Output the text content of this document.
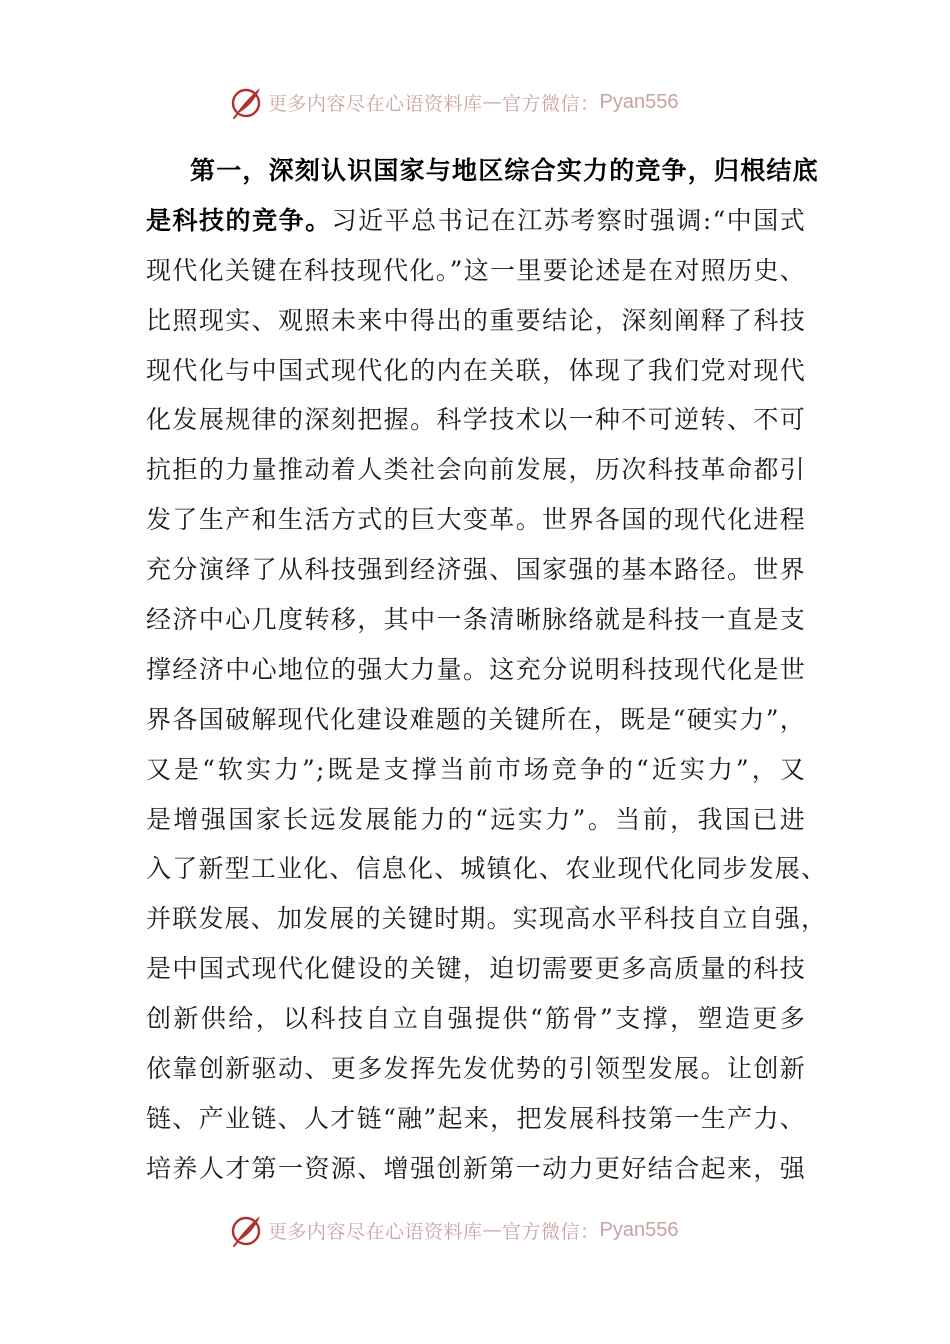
更多内容尽在心语资料库 — 官方微信： Pyan556
第一，深刻认识国家与地区综合实力的竞争，归根结底
是科技的竞争。习近平总书记在江苏考察时强调:“中国式
现代化关键在科技现代化。”这一里要论述是在对照历史、
比照现实、观照未来中得出的重要结论，深刻阐释了科技
现代化与中国式现代化的内在关联，体现了我们党对现代
化发展规律的深刻把握。科学技术以一种不可逆转、不可
抗拒的力量推动着人类社会向前发展，历次科技革命都引
发了生产和生活方式的巨大变革。世界各国的现代化进程
充分演绎了从科技强到经济强、国家强的基本路径。世界
经济中心几度转移，其中一条清晰脉络就是科技一直是支
撑经济中心地位的强大力量。这充分说明科技现代化是世
界各国破解现代化建设难题的关键所在，既是“硬实力”，
又是“软实力”;既是支撑当前市场竞争的“近实力”，又
是增强国家长远发展能力的“远实力”。当前，我国已进
入了新型工业化、信息化、城镇化、农业现代化同步发展、
并联发展、加发展的关键时期。实现高水平科技自立自强，
是中国式现代化健设的关键，迫切需要更多高质量的科技
创新供给，以科技自立自强提供“筋骨”支撑，塑造更多
依靠创新驱动、更多发挥先发优势的引领型发展。让创新
链、产业链、人才链“融”起来，把发展科技第一生产力、
培养人才第一资源、增强创新第一动力更好结合起来，强
更多内容尽在心语资料库 — 官方微信： Pyan556
